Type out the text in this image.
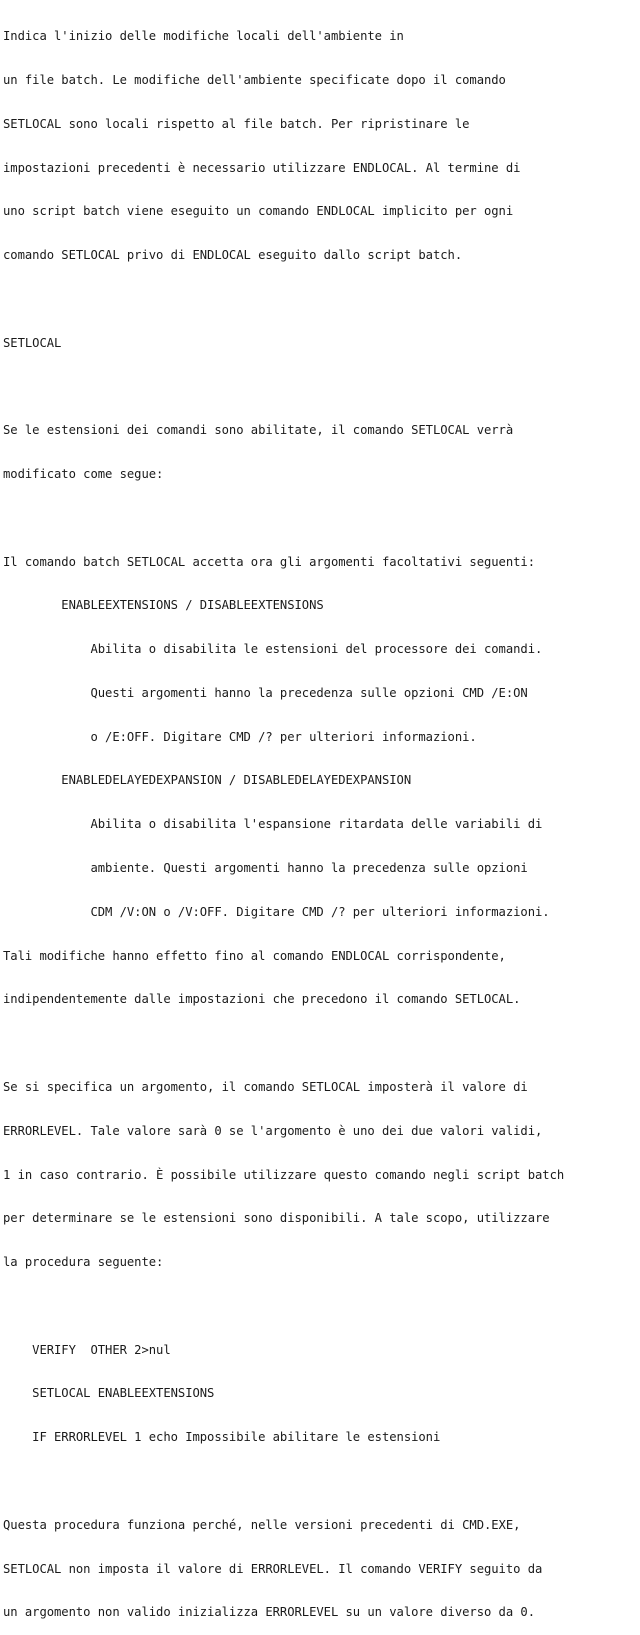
Indica l'inizio delle modifiche locali dell'ambiente in

un file batch. Le modifiche dell'ambiente specificate dopo il comando

SETLOCAL sono locali rispetto al file batch. Per ripristinare le

impostazioni precedenti è necessario utilizzare ENDLOCAL. Al termine di

uno script batch viene eseguito un comando ENDLOCAL implicito per ogni

comando SETLOCAL privo di ENDLOCAL eseguito dallo script batch.

SETLOCAL

Se le estensioni dei comandi sono abilitate, il comando SETLOCAL verrà

modificato come segue:

Il comando batch SETLOCAL accetta ora gli argomenti facoltativi seguenti:

ENABLEEXTENSIONS / DISABLEEXTENSIONS

Abilita o disabilita le estensioni del processore dei comandi.

Questi argomenti hanno la precedenza sulle opzioni CMD /E:ON

o /E:OFF. Digitare CMD /? per ulteriori informazioni.

ENABLEDELAYEDEXPANSION / DISABLEDELAYEDEXPANSION

Abilita o disabilita l'espansione ritardata delle variabili di

ambiente. Questi argomenti hanno la precedenza sulle opzioni

CDM /V:ON o /V:OFF. Digitare CMD /? per ulteriori informazioni.

Tali modifiche hanno effetto fino al comando ENDLOCAL corrispondente,

indipendentemente dalle impostazioni che precedono il comando SETLOCAL.

Se si specifica un argomento, il comando SETLOCAL imposterà il valore di

ERRORLEVEL. Tale valore sarà 0 se l'argomento è uno dei due valori validi,

1 in caso contrario. È possibile utilizzare questo comando negli script batch

per determinare se le estensioni sono disponibili. A tale scopo, utilizzare

la procedura seguente:

VERIFY  OTHER 2>nul

SETLOCAL ENABLEEXTENSIONS

IF ERRORLEVEL 1 echo Impossibile abilitare le estensioni

Questa procedura funziona perché, nelle versioni precedenti di CMD.EXE,

SETLOCAL non imposta il valore di ERRORLEVEL. Il comando VERIFY seguito da

un argomento non valido inizializza ERRORLEVEL su un valore diverso da 0.
